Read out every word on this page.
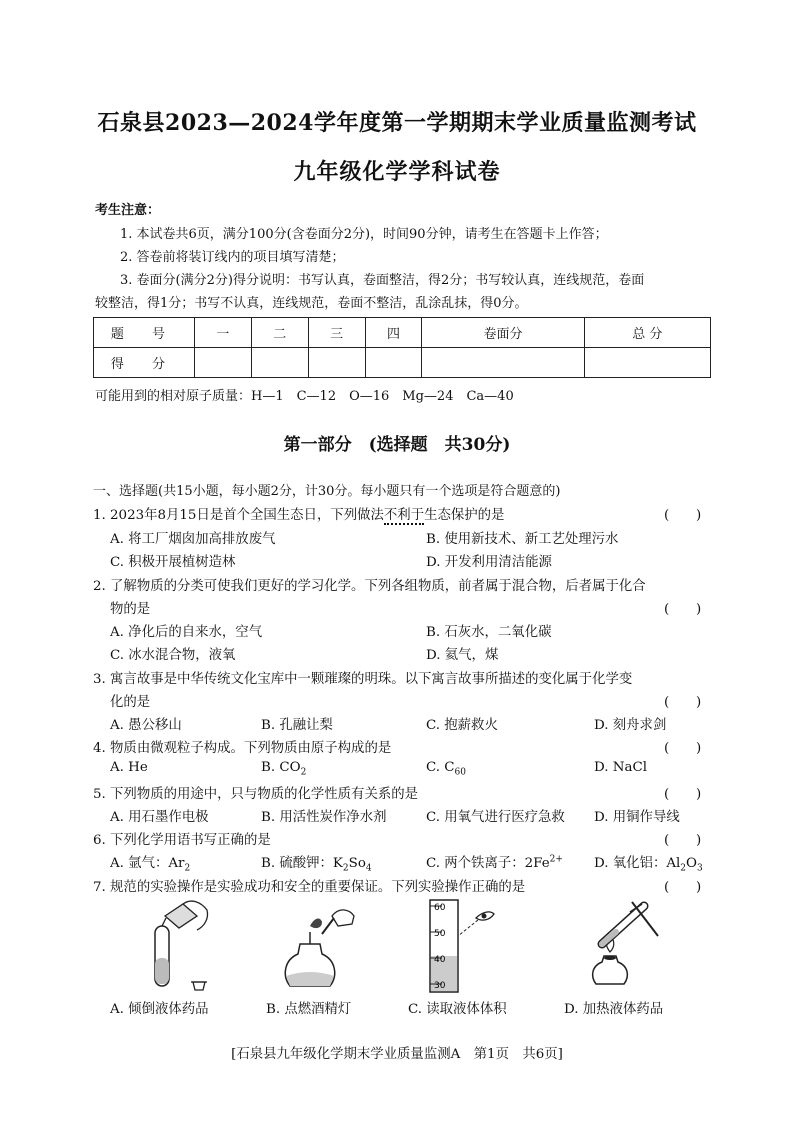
石泉县2023—2024学年度第一学期期末学业质量监测考试
九年级化学学科试卷
考生注意：
1. 本试卷共6页，满分100分(含卷面分2分)，时间90分钟，请考生在答题卡上作答；
2. 答卷前将装订线内的项目填写清楚；
3. 卷面分(满分2分)得分说明：书写认真，卷面整洁，得2分；书写较认真，连线规范，卷面
较整洁，得1分；书写不认真，连线规范，卷面不整洁，乱涂乱抹，得0分。
题 号	一	二	三	四	卷面分	总 分
得 分						
可能用到的相对原子质量：H—1　C—12　O—16　Mg—24　Ca—40
第一部分　(选择题　共30分)
一、选择题(共15小题，每小题2分，计30分。每小题只有一个选项是符合题意的)
1. 2023年8月15日是首个全国生态日，下列做法不利于生态保护的是	(　　)
A. 将工厂烟囱加高排放废气	B. 使用新技术、新工艺处理污水
C. 积极开展植树造林	D. 开发利用清洁能源
2. 了解物质的分类可使我们更好的学习化学。下列各组物质，前者属于混合物，后者属于化合
物的是	(　　)
A. 净化后的自来水，空气	B. 石灰水，二氧化碳
C. 冰水混合物，液氧	D. 氦气，煤
3. 寓言故事是中华传统文化宝库中一颗璀璨的明珠。以下寓言故事所描述的变化属于化学变
化的是	(　　)
A. 愚公移山	B. 孔融让梨	C. 抱薪救火	D. 刻舟求剑
4. 物质由微观粒子构成。下列物质由原子构成的是	(　　)
A. He	B. $CO_2$	C. $C_{60}$	D. NaCl
5. 下列物质的用途中，只与物质的化学性质有关系的是	(　　)
A. 用石墨作电极	B. 用活性炭作净水剂	C. 用氧气进行医疗急救 D. 用铜作导线
6. 下列化学用语书写正确的是	(　　)
A. 氩气：$Ar_2$	B. 硫酸钾：$K_2So_4$	C. 两个铁离子：$2Fe^{2+}$ D. 氧化铝：$Al_2O_3$
7. 规范的实验操作是实验成功和安全的重要保证。下列实验操作正确的是	(　　)
60
50
40
30
A. 倾倒液体药品	B. 点燃酒精灯	C. 读取液体体积	D. 加热液体药品
[石泉县九年级化学期末学业质量监测A　第1页　共6页]
